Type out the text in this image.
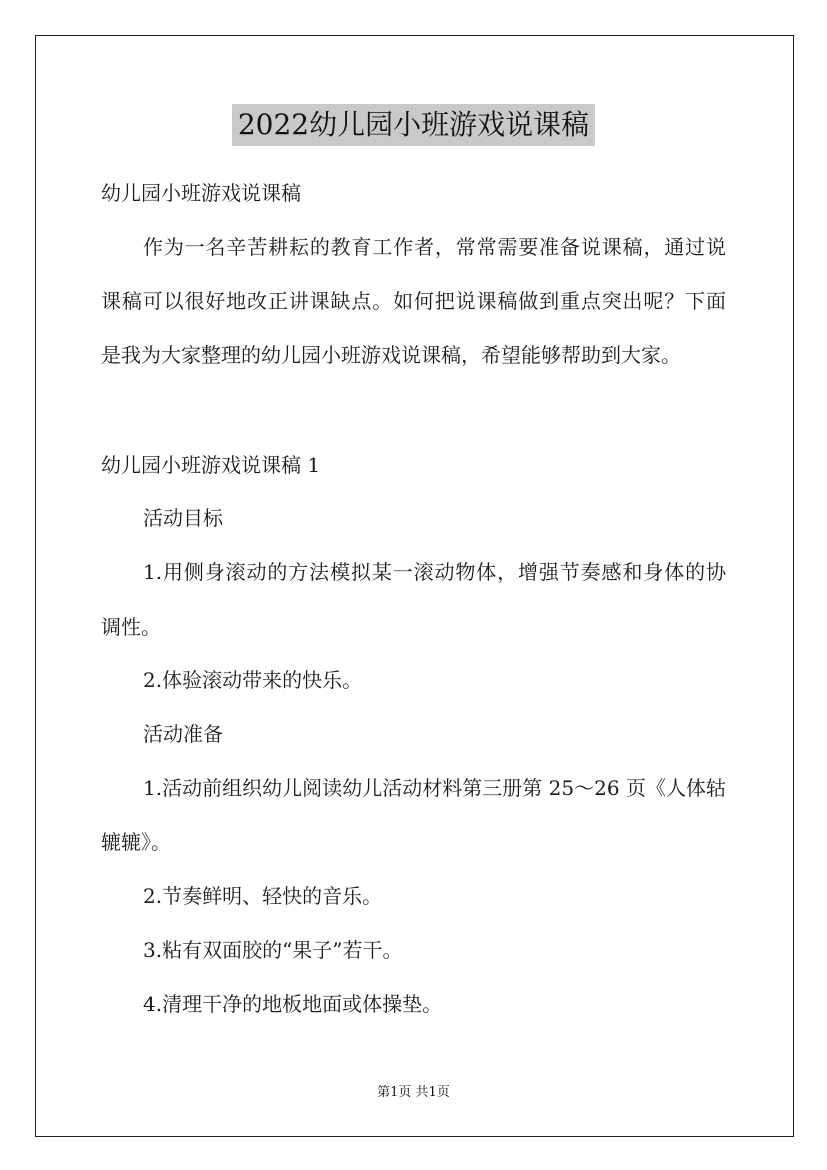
2022幼儿园小班游戏说课稿
幼儿园小班游戏说课稿
作为一名辛苦耕耘的教育工作者，常常需要准备说课稿，通过说
课稿可以很好地改正讲课缺点。如何把说课稿做到重点突出呢？下面
是我为大家整理的幼儿园小班游戏说课稿，希望能够帮助到大家。
幼儿园小班游戏说课稿 1
活动目标
1.用侧身滚动的方法模拟某一滚动物体，增强节奏感和身体的协
调性。
2.体验滚动带来的快乐。
活动准备
1.活动前组织幼儿阅读幼儿活动材料第三册第 25～26 页《人体轱
辘辘》。
2.节奏鲜明、轻快的音乐。
3.粘有双面胶的“果子”若干。
4.清理干净的地板地面或体操垫。
第1页 共1页
